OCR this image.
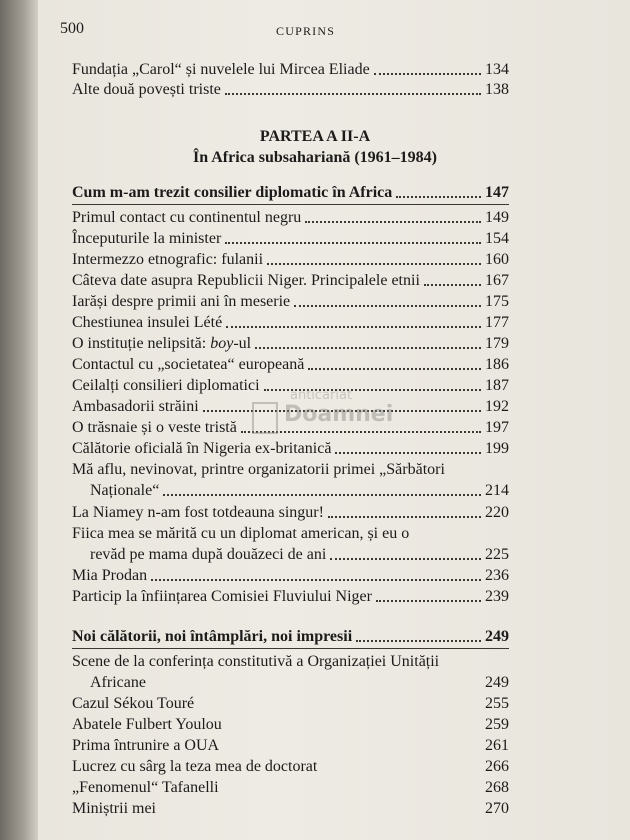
500	CUPRINS
Fundația „Carol“ și nuvelele lui Mircea Eliade	134
Alte două povești triste	138
PARTEA A II-A
În Africa subsahariană (1961–1984)
Cum m-am trezit consilier diplomatic în Africa	147
Primul contact cu continentul negru	149
Începuturile la minister	154
Intermezzo etnografic: fulanii	160
Câteva date asupra Republicii Niger. Principalele etnii	167
Iarăși despre primii ani în meserie	175
Chestiunea insulei Lété	177
O instituție nelipsită: boy-ul	179
Contactul cu „societatea“ europeană	186
Ceilalți consilieri diplomatici	187
Ambasadorii străini	192
O trăsnaie și o veste tristă	197
Călătorie oficială în Nigeria ex-britanică	199
Mă aflu, nevinovat, printre organizatorii primei „Sărbători
Naționale“	214
La Niamey n-am fost totdeauna singur!	220
Fiica mea se mărită cu un diplomat american, și eu o
revăd pe mama după douăzeci de ani	225
Mia Prodan	236
Particip la înființarea Comisiei Fluviului Niger	239
Noi călătorii, noi întâmplări, noi impresii	249
Scene de la conferința constitutivă a Organizației Unității
Africane	249
Cazul Sékou Touré	255
Abatele Fulbert Youlou	259
Prima întrunire a OUA	261
Lucrez cu sârg la teza mea de doctorat	266
„Fenomenul“ Tafanelli	268
Miniștrii mei	270
anticariat
Doamnei
